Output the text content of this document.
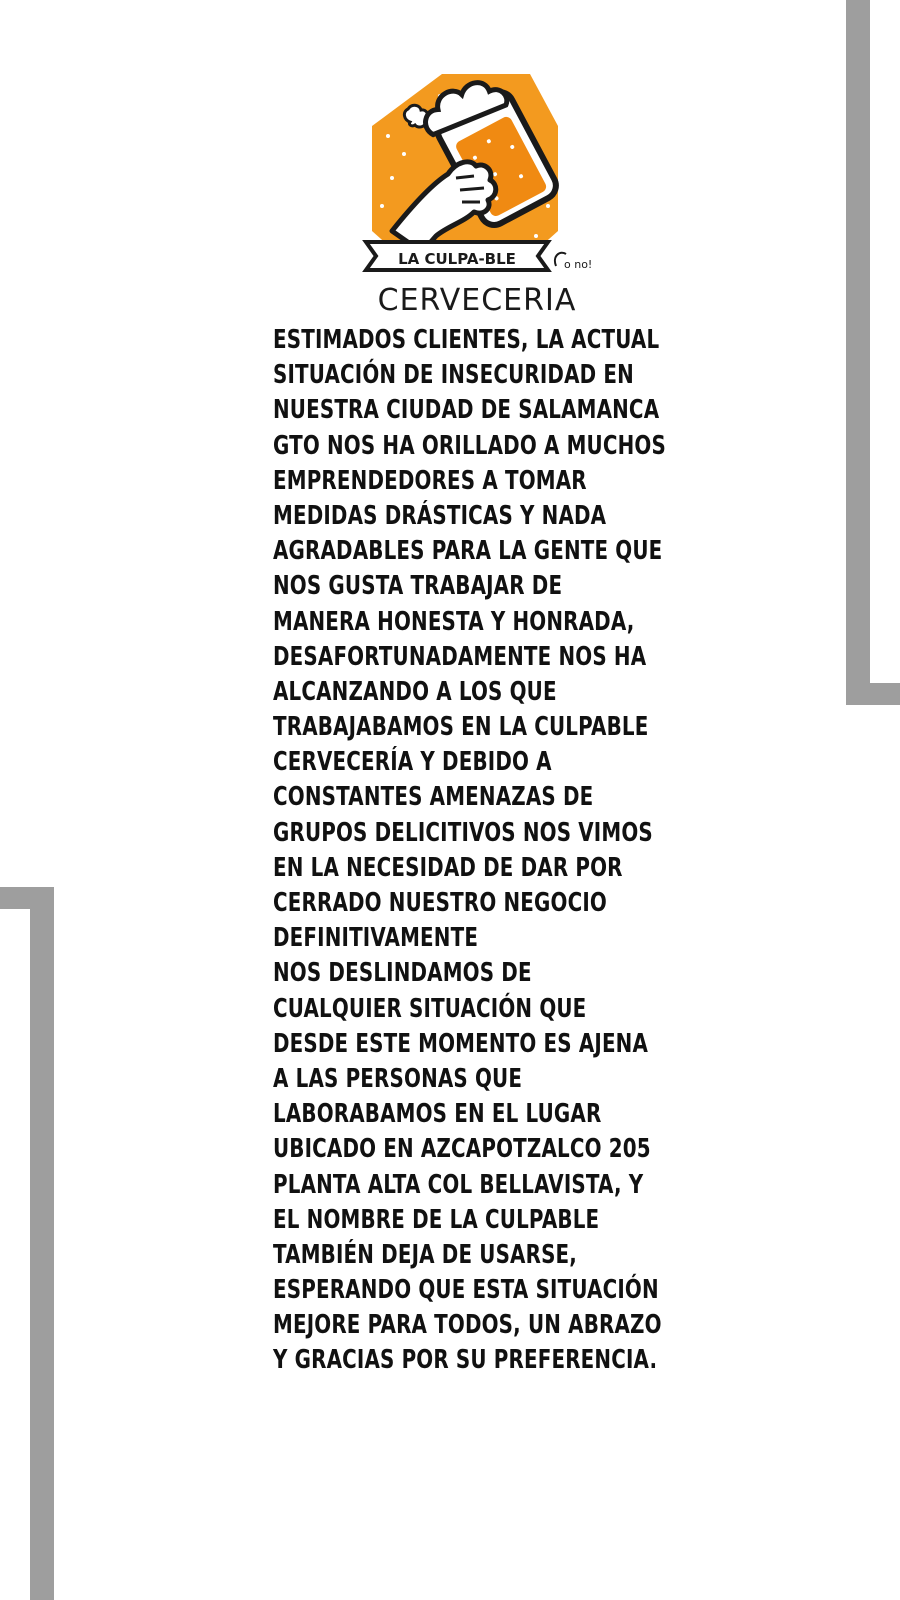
LA CULPA-BLE	o no!
CERVECERIA
ESTIMADOS CLIENTES, LA ACTUAL
SITUACIÓN DE INSECURIDAD EN
NUESTRA CIUDAD DE SALAMANCA
GTO NOS HA ORILLADO A MUCHOS
EMPRENDEDORES A TOMAR
MEDIDAS DRÁSTICAS Y NADA
AGRADABLES PARA LA GENTE QUE
NOS GUSTA TRABAJAR DE
MANERA HONESTA Y HONRADA,
DESAFORTUNADAMENTE NOS HA
ALCANZANDO A LOS QUE
TRABAJABAMOS EN LA CULPABLE
CERVECERÍA Y DEBIDO A
CONSTANTES AMENAZAS DE
GRUPOS DELICITIVOS NOS VIMOS
EN LA NECESIDAD DE DAR POR
CERRADO NUESTRO NEGOCIO
DEFINITIVAMENTE
NOS DESLINDAMOS DE
CUALQUIER SITUACIÓN QUE
DESDE ESTE MOMENTO ES AJENA
A LAS PERSONAS QUE
LABORABAMOS EN EL LUGAR
UBICADO EN AZCAPOTZALCO 205
PLANTA ALTA COL BELLAVISTA, Y
EL NOMBRE DE LA CULPABLE
TAMBIÉN DEJA DE USARSE,
ESPERANDO QUE ESTA SITUACIÓN
MEJORE PARA TODOS, UN ABRAZO
Y GRACIAS POR SU PREFERENCIA.
